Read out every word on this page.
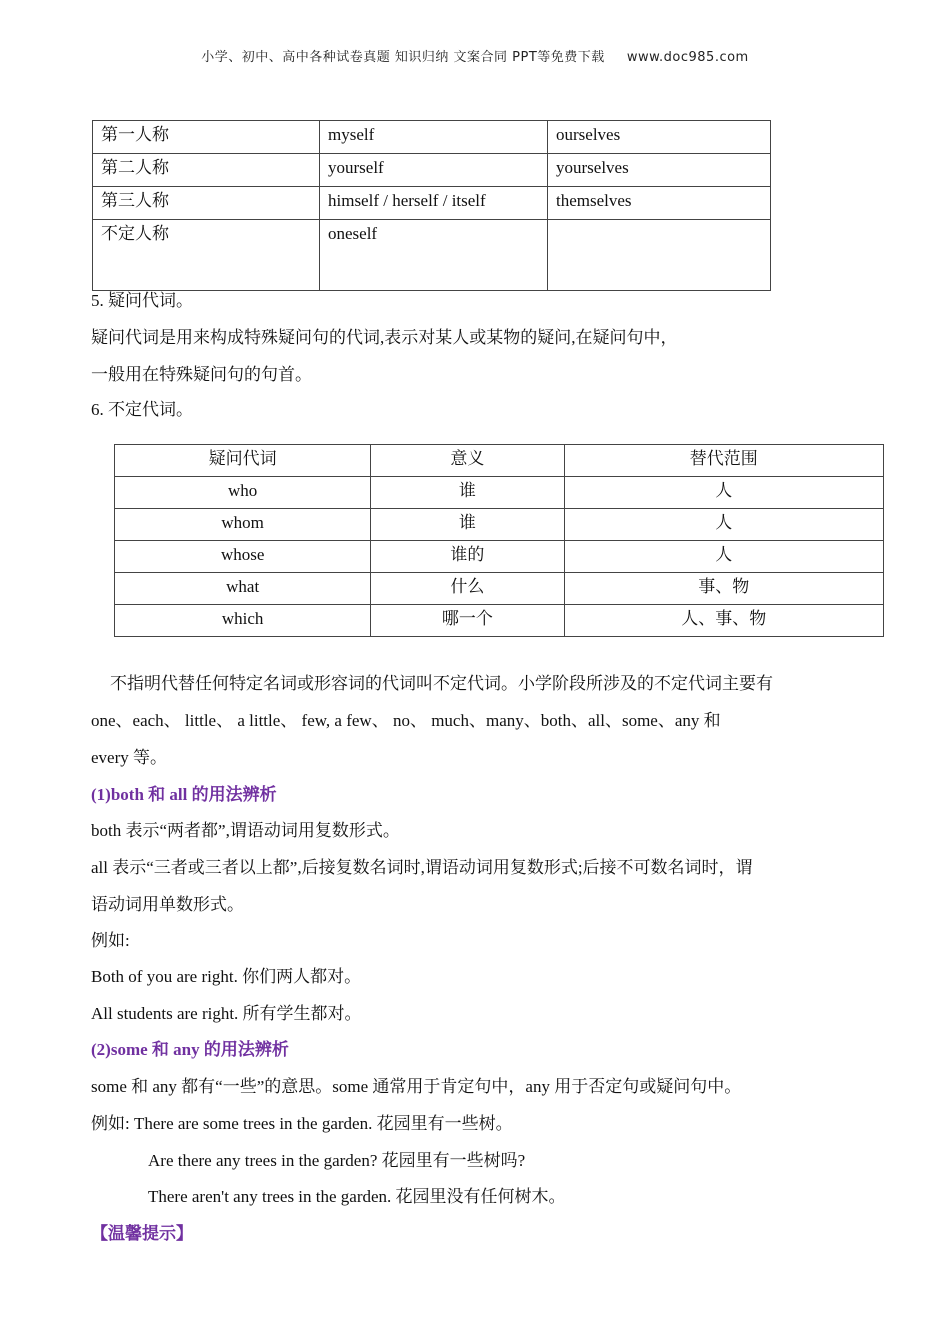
小学、初中、高中各种试卷真题 知识归纳 文案合同 PPT等免费下载 www.doc985.com
第一人称	myself	ourselves
第二人称	yourself	yourselves
第三人称	himself / herself / itself	themselves
不定人称	oneself	
5. 疑问代词。
疑问代词是用来构成特殊疑问句的代词,表示对某人或某物的疑问,在疑问句中，
一般用在特殊疑问句的句首。
6. 不定代词。
疑问代词	意义	替代范围
who	谁	人
whom	谁	人
whose	谁的	人
what	什么	事、物
which	哪一个	人、事、物
不指明代替任何特定名词或形容词的代词叫不定代词。小学阶段所涉及的不定代词主要有
one、each、 little、 a little、 few, a few、 no、 much、many、both、all、some、any 和
every 等。
(1)both 和 all 的用法辨析
both 表示“两者都”,谓语动词用复数形式。
all 表示“三者或三者以上都”,后接复数名词时,谓语动词用复数形式;后接不可数名词时，谓
语动词用单数形式。
例如:
Both of you are right. 你们两人都对。
All students are right. 所有学生都对。
(2)some 和 any 的用法辨析
some 和 any 都有“一些”的意思。some 通常用于肯定句中，any 用于否定句或疑问句中。
例如: There are some trees in the garden. 花园里有一些树。
Are there any trees in the garden? 花园里有一些树吗?
There aren't any trees in the garden. 花园里没有任何树木。
【温馨提示】
